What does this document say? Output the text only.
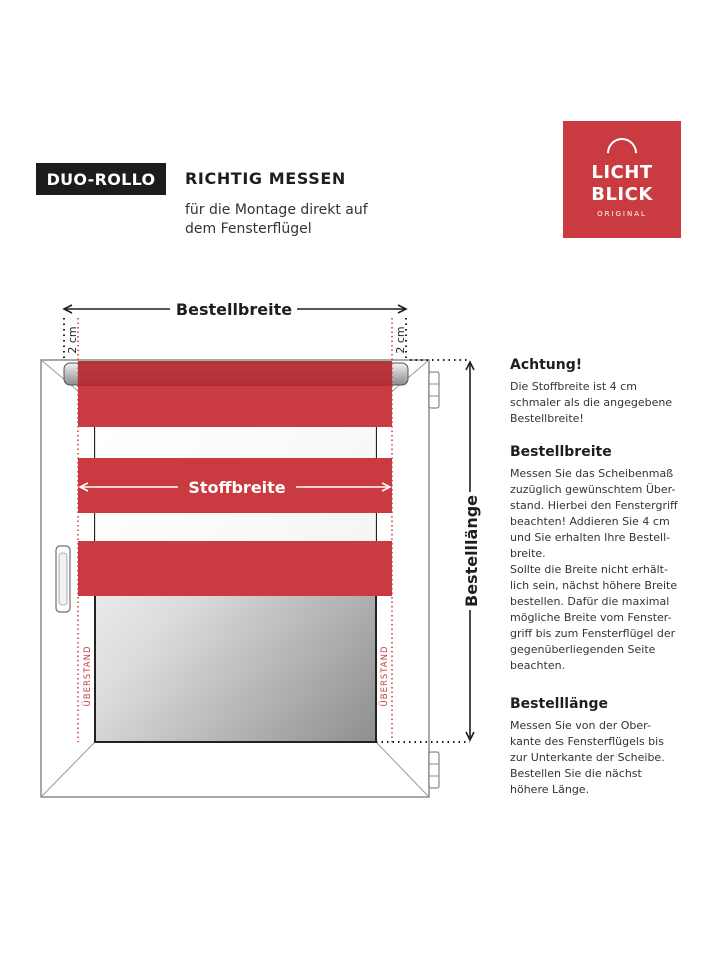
DUO-ROLLO	RICHTIG MESSEN
für die Montage direkt auf
dem Fensterflügel
LICHT
BLICK
ORIGINAL
Bestellbreite
2 cm	2 cm
Stoffbreite
Bestelllänge
ÜBERSTAND	ÜBERSTAND
Achtung!
Die Stoffbreite ist 4 cm
schmaler als die angegebene
Bestellbreite!
Bestellbreite
Messen Sie das Scheibenmaß
zuzüglich gewünschtem Über-
stand. Hierbei den Fenstergriff
beachten! Addieren Sie 4 cm
und Sie erhalten Ihre Bestell-
breite.
Sollte die Breite nicht erhält-
lich sein, nächst höhere Breite
bestellen. Dafür die maximal
mögliche Breite vom Fenster-
griff bis zum Fensterflügel der
gegenüberliegenden Seite
beachten.
Bestelllänge
Messen Sie von der Ober-
kante des Fensterflügels bis
zur Unterkante der Scheibe.
Bestellen Sie die nächst
höhere Länge.
